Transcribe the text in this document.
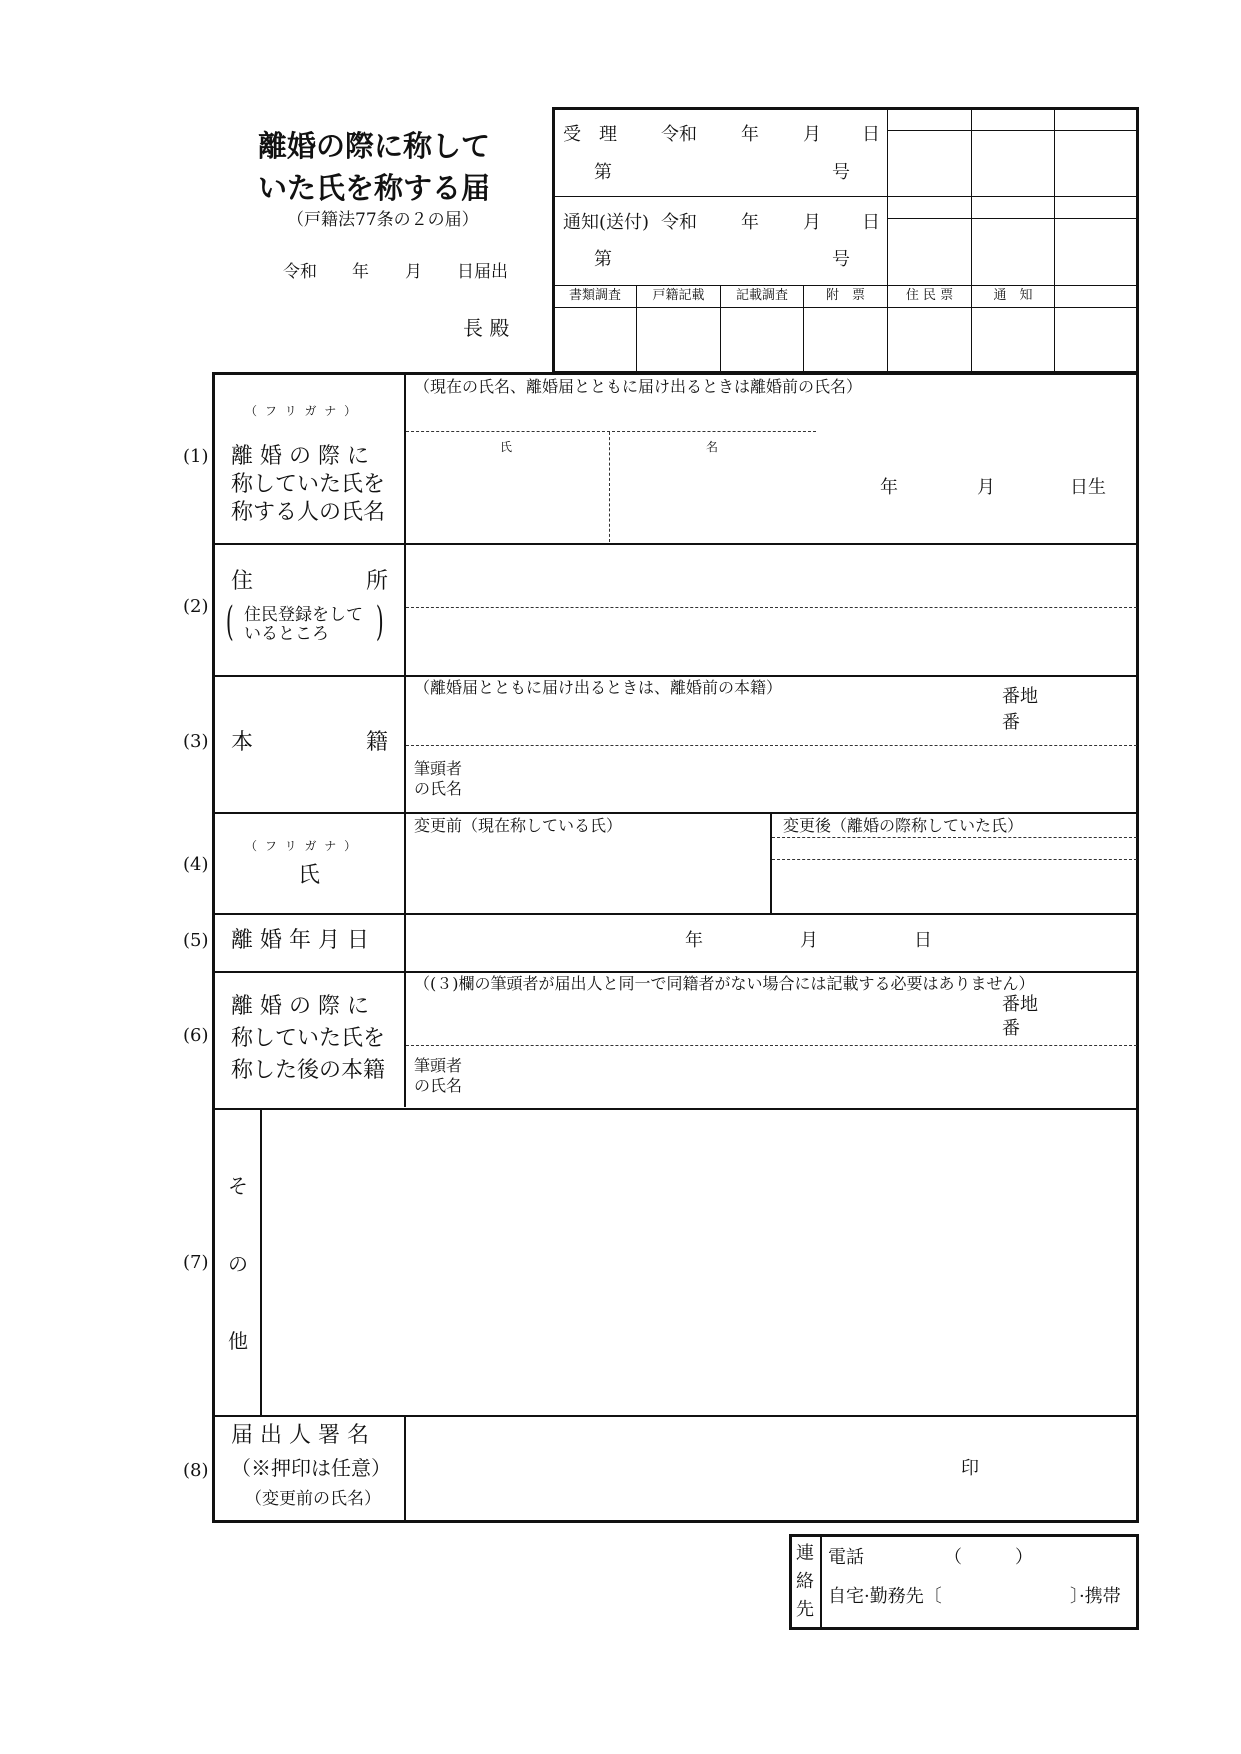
離婚の際に称して
いた氏を称する届
（戸籍法77条の２の届）
令和 年 月 日届出
長 殿
受　理 令和 年 月 日
第	号
通知(送付) 令和 年 月 日
第	号
書類調査	戸籍記載	記載調査	附　票	住 民 票	通　知
(1)
（ フ リ ガ ナ ）
離 婚 の 際 に
称していた氏を
称する人の氏名
（現在の氏名、離婚届とともに届け出るときは離婚前の氏名）
氏	名
年	月	日生
(2)
住	所
( 住民登録をして
いるところ )
(3) 本	籍
（離婚届とともに届け出るときは、離婚前の本籍）	番地
番
筆頭者
の氏名
(4)
（ フ リ ガ ナ ）
氏
変更前（現在称している氏）	変更後（離婚の際称していた氏）
(5) 離 婚 年 月 日	年	月	日
(6)
離 婚 の 際 に
称していた氏を
称した後の本籍
（(３)欄の筆頭者が届出人と同一で同籍者がない場合には記載する必要はありません）
番地
番
筆頭者
の氏名
(7)
そ
の
他
(8)
届 出 人 署 名
（※押印は任意）
（変更前の氏名）
印
連
絡
先
電話	（	）
自宅·勤務先〔	〕·携帯
